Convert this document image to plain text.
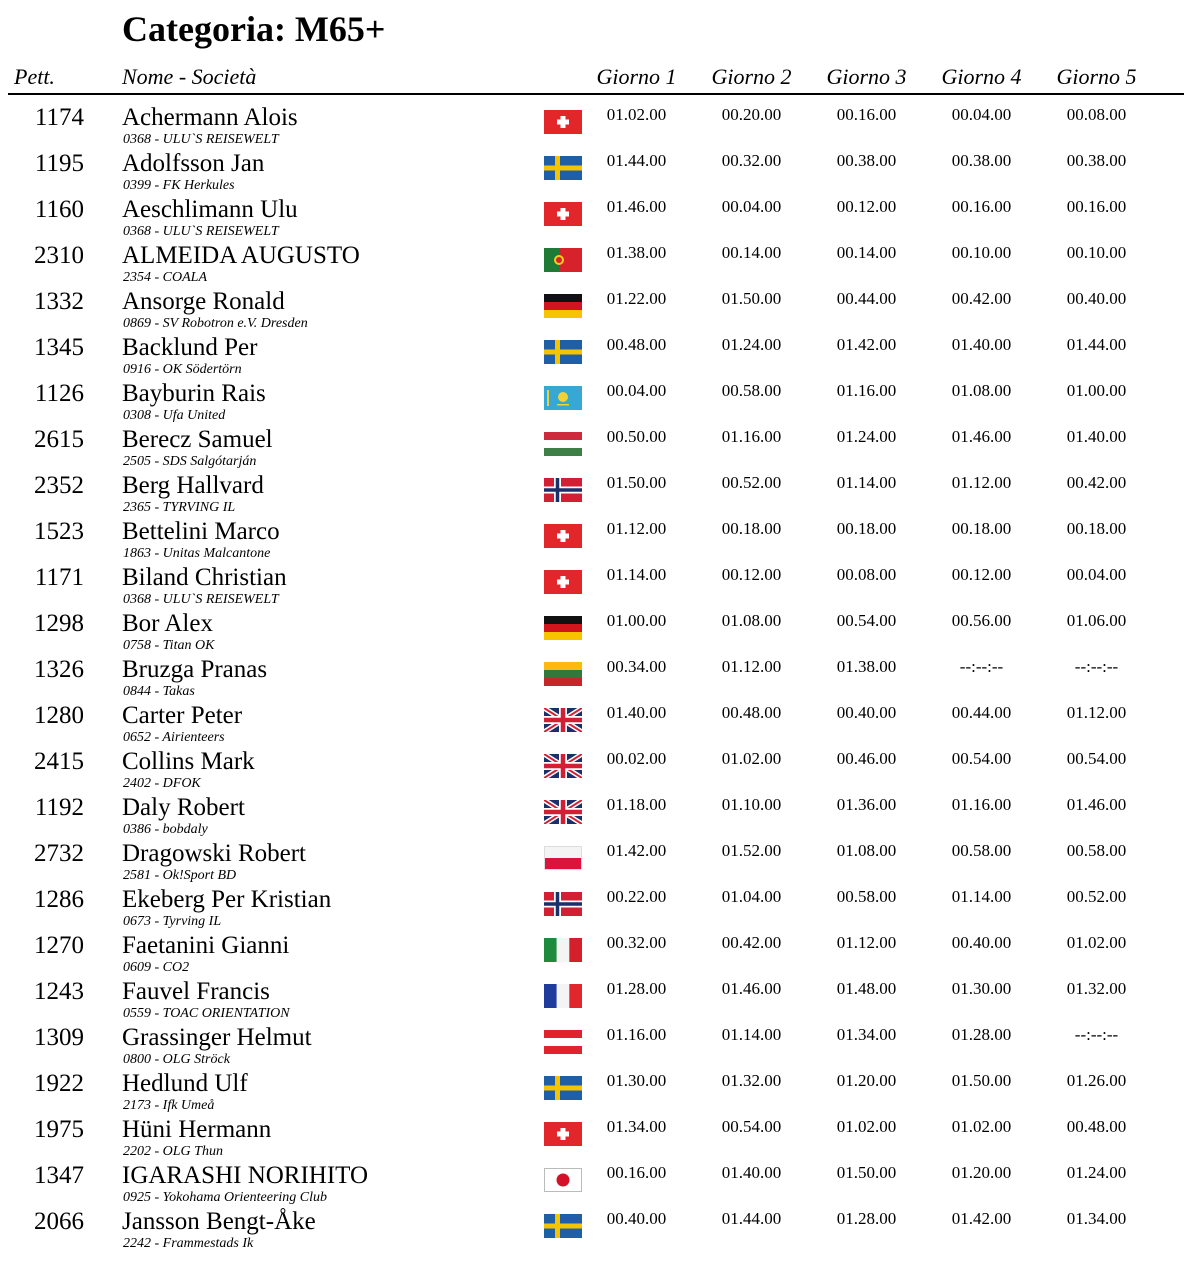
Categoria: M65+
Pett.	Nome - Società	Giorno 1	Giorno 2	Giorno 3	Giorno 4	Giorno 5
1174 Achermann Alois
0368 - ULU`S REISEWELT
01.02.00	00.20.00	00.16.00	00.04.00	00.08.00
1195 Adolfsson Jan
0399 - FK Herkules
01.44.00	00.32.00	00.38.00	00.38.00	00.38.00
1160 Aeschlimann Ulu
0368 - ULU`S REISEWELT
01.46.00	00.04.00	00.12.00	00.16.00	00.16.00
2310 ALMEIDA AUGUSTO
2354 - COALA
01.38.00	00.14.00	00.14.00	00.10.00	00.10.00
1332 Ansorge Ronald
0869 - SV Robotron e.V. Dresden
01.22.00	01.50.00	00.44.00	00.42.00	00.40.00
1345 Backlund Per
0916 - OK Södertörn
00.48.00	01.24.00	01.42.00	01.40.00	01.44.00
1126 Bayburin Rais
0308 - Ufa United
00.04.00	00.58.00	01.16.00	01.08.00	01.00.00
2615 Berecz Samuel
2505 - SDS Salgótarján
00.50.00	01.16.00	01.24.00	01.46.00	01.40.00
2352 Berg Hallvard
2365 - TYRVING IL
01.50.00	00.52.00	01.14.00	01.12.00	00.42.00
1523 Bettelini Marco
1863 - Unitas Malcantone
01.12.00	00.18.00	00.18.00	00.18.00	00.18.00
1171 Biland Christian
0368 - ULU`S REISEWELT
01.14.00	00.12.00	00.08.00	00.12.00	00.04.00
1298 Bor Alex
0758 - Titan OK
01.00.00	01.08.00	00.54.00	00.56.00	01.06.00
1326 Bruzga Pranas
0844 - Takas
00.34.00	01.12.00	01.38.00	--:--:--	--:--:--
1280 Carter Peter
0652 - Airienteers
01.40.00	00.48.00	00.40.00	00.44.00	01.12.00
2415 Collins Mark
2402 - DFOK
00.02.00	01.02.00	00.46.00	00.54.00	00.54.00
1192 Daly Robert
0386 - bobdaly
01.18.00	01.10.00	01.36.00	01.16.00	01.46.00
2732 Dragowski Robert
2581 - Ok!Sport BD
01.42.00	01.52.00	01.08.00	00.58.00	00.58.00
1286 Ekeberg Per Kristian
0673 - Tyrving IL
00.22.00	01.04.00	00.58.00	01.14.00	00.52.00
1270 Faetanini Gianni
0609 - CO2
00.32.00	00.42.00	01.12.00	00.40.00	01.02.00
1243 Fauvel Francis
0559 - TOAC ORIENTATION
01.28.00	01.46.00	01.48.00	01.30.00	01.32.00
1309 Grassinger Helmut
0800 - OLG Ströck
01.16.00	01.14.00	01.34.00	01.28.00	--:--:--
1922 Hedlund Ulf
2173 - Ifk Umeå
01.30.00	01.32.00	01.20.00	01.50.00	01.26.00
1975 Hüni Hermann
2202 - OLG Thun
01.34.00	00.54.00	01.02.00	01.02.00	00.48.00
1347 IGARASHI NORIHITO
0925 - Yokohama Orienteering Club
00.16.00	01.40.00	01.50.00	01.20.00	01.24.00
2066 Jansson Bengt-Åke
2242 - Frammestads Ik
00.40.00	01.44.00	01.28.00	01.42.00	01.34.00
